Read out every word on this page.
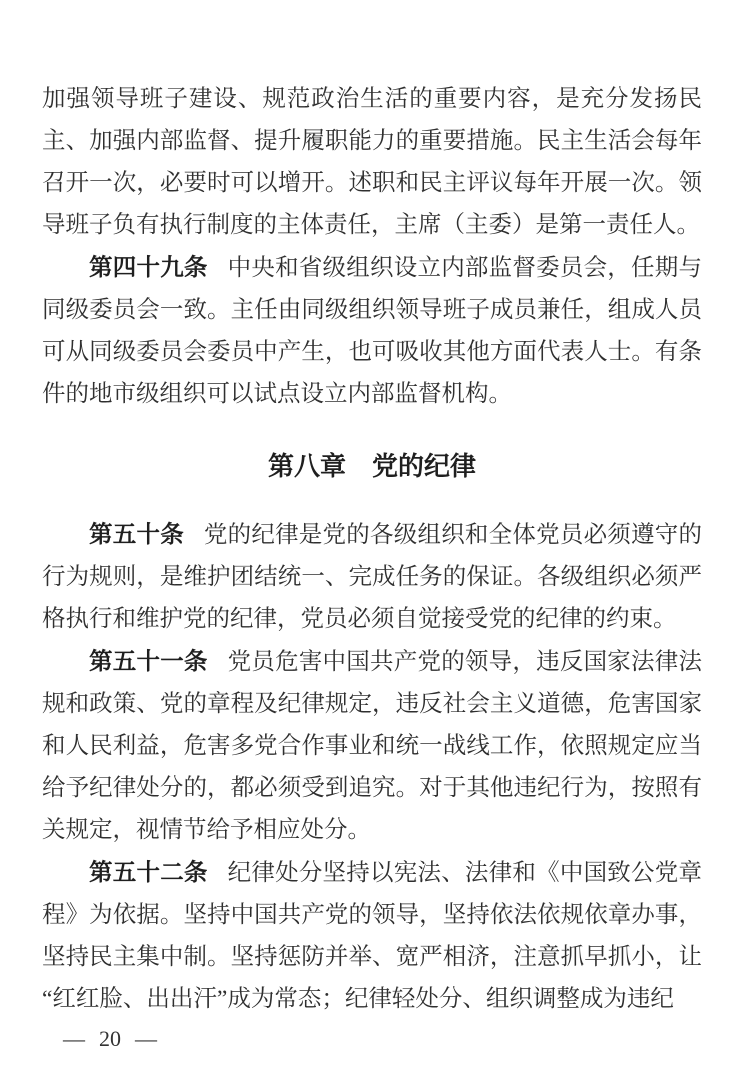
加强领导班子建设、规范政治生活的重要内容，是充分发扬民主、加强内部监督、提升履职能力的重要措施。民主生活会每年召开一次，必要时可以增开。述职和民主评议每年开展一次。领导班子负有执行制度的主体责任，主席（主委）是第一责任人。

第四十九条 中央和省级组织设立内部监督委员会，任期与同级委员会一致。主任由同级组织领导班子成员兼任，组成人员可从同级委员会委员中产生，也可吸收其他方面代表人士。有条件的地市级组织可以试点设立内部监督机构。

第八章　党的纪律

第五十条 党的纪律是党的各级组织和全体党员必须遵守的行为规则，是维护团结统一、完成任务的保证。各级组织必须严格执行和维护党的纪律，党员必须自觉接受党的纪律的约束。

第五十一条 党员危害中国共产党的领导，违反国家法律法规和政策、党的章程及纪律规定，违反社会主义道德，危害国家和人民利益，危害多党合作事业和统一战线工作，依照规定应当给予纪律处分的，都必须受到追究。对于其他违纪行为，按照有关规定，视情节给予相应处分。

第五十二条 纪律处分坚持以宪法、法律和《中国致公党章程》为依据。坚持中国共产党的领导，坚持依法依规依章办事，坚持民主集中制。坚持惩防并举、宽严相济，注意抓早抓小，让“红红脸、出出汗”成为常态；纪律轻处分、组织调整成为违纪

— 20 —
